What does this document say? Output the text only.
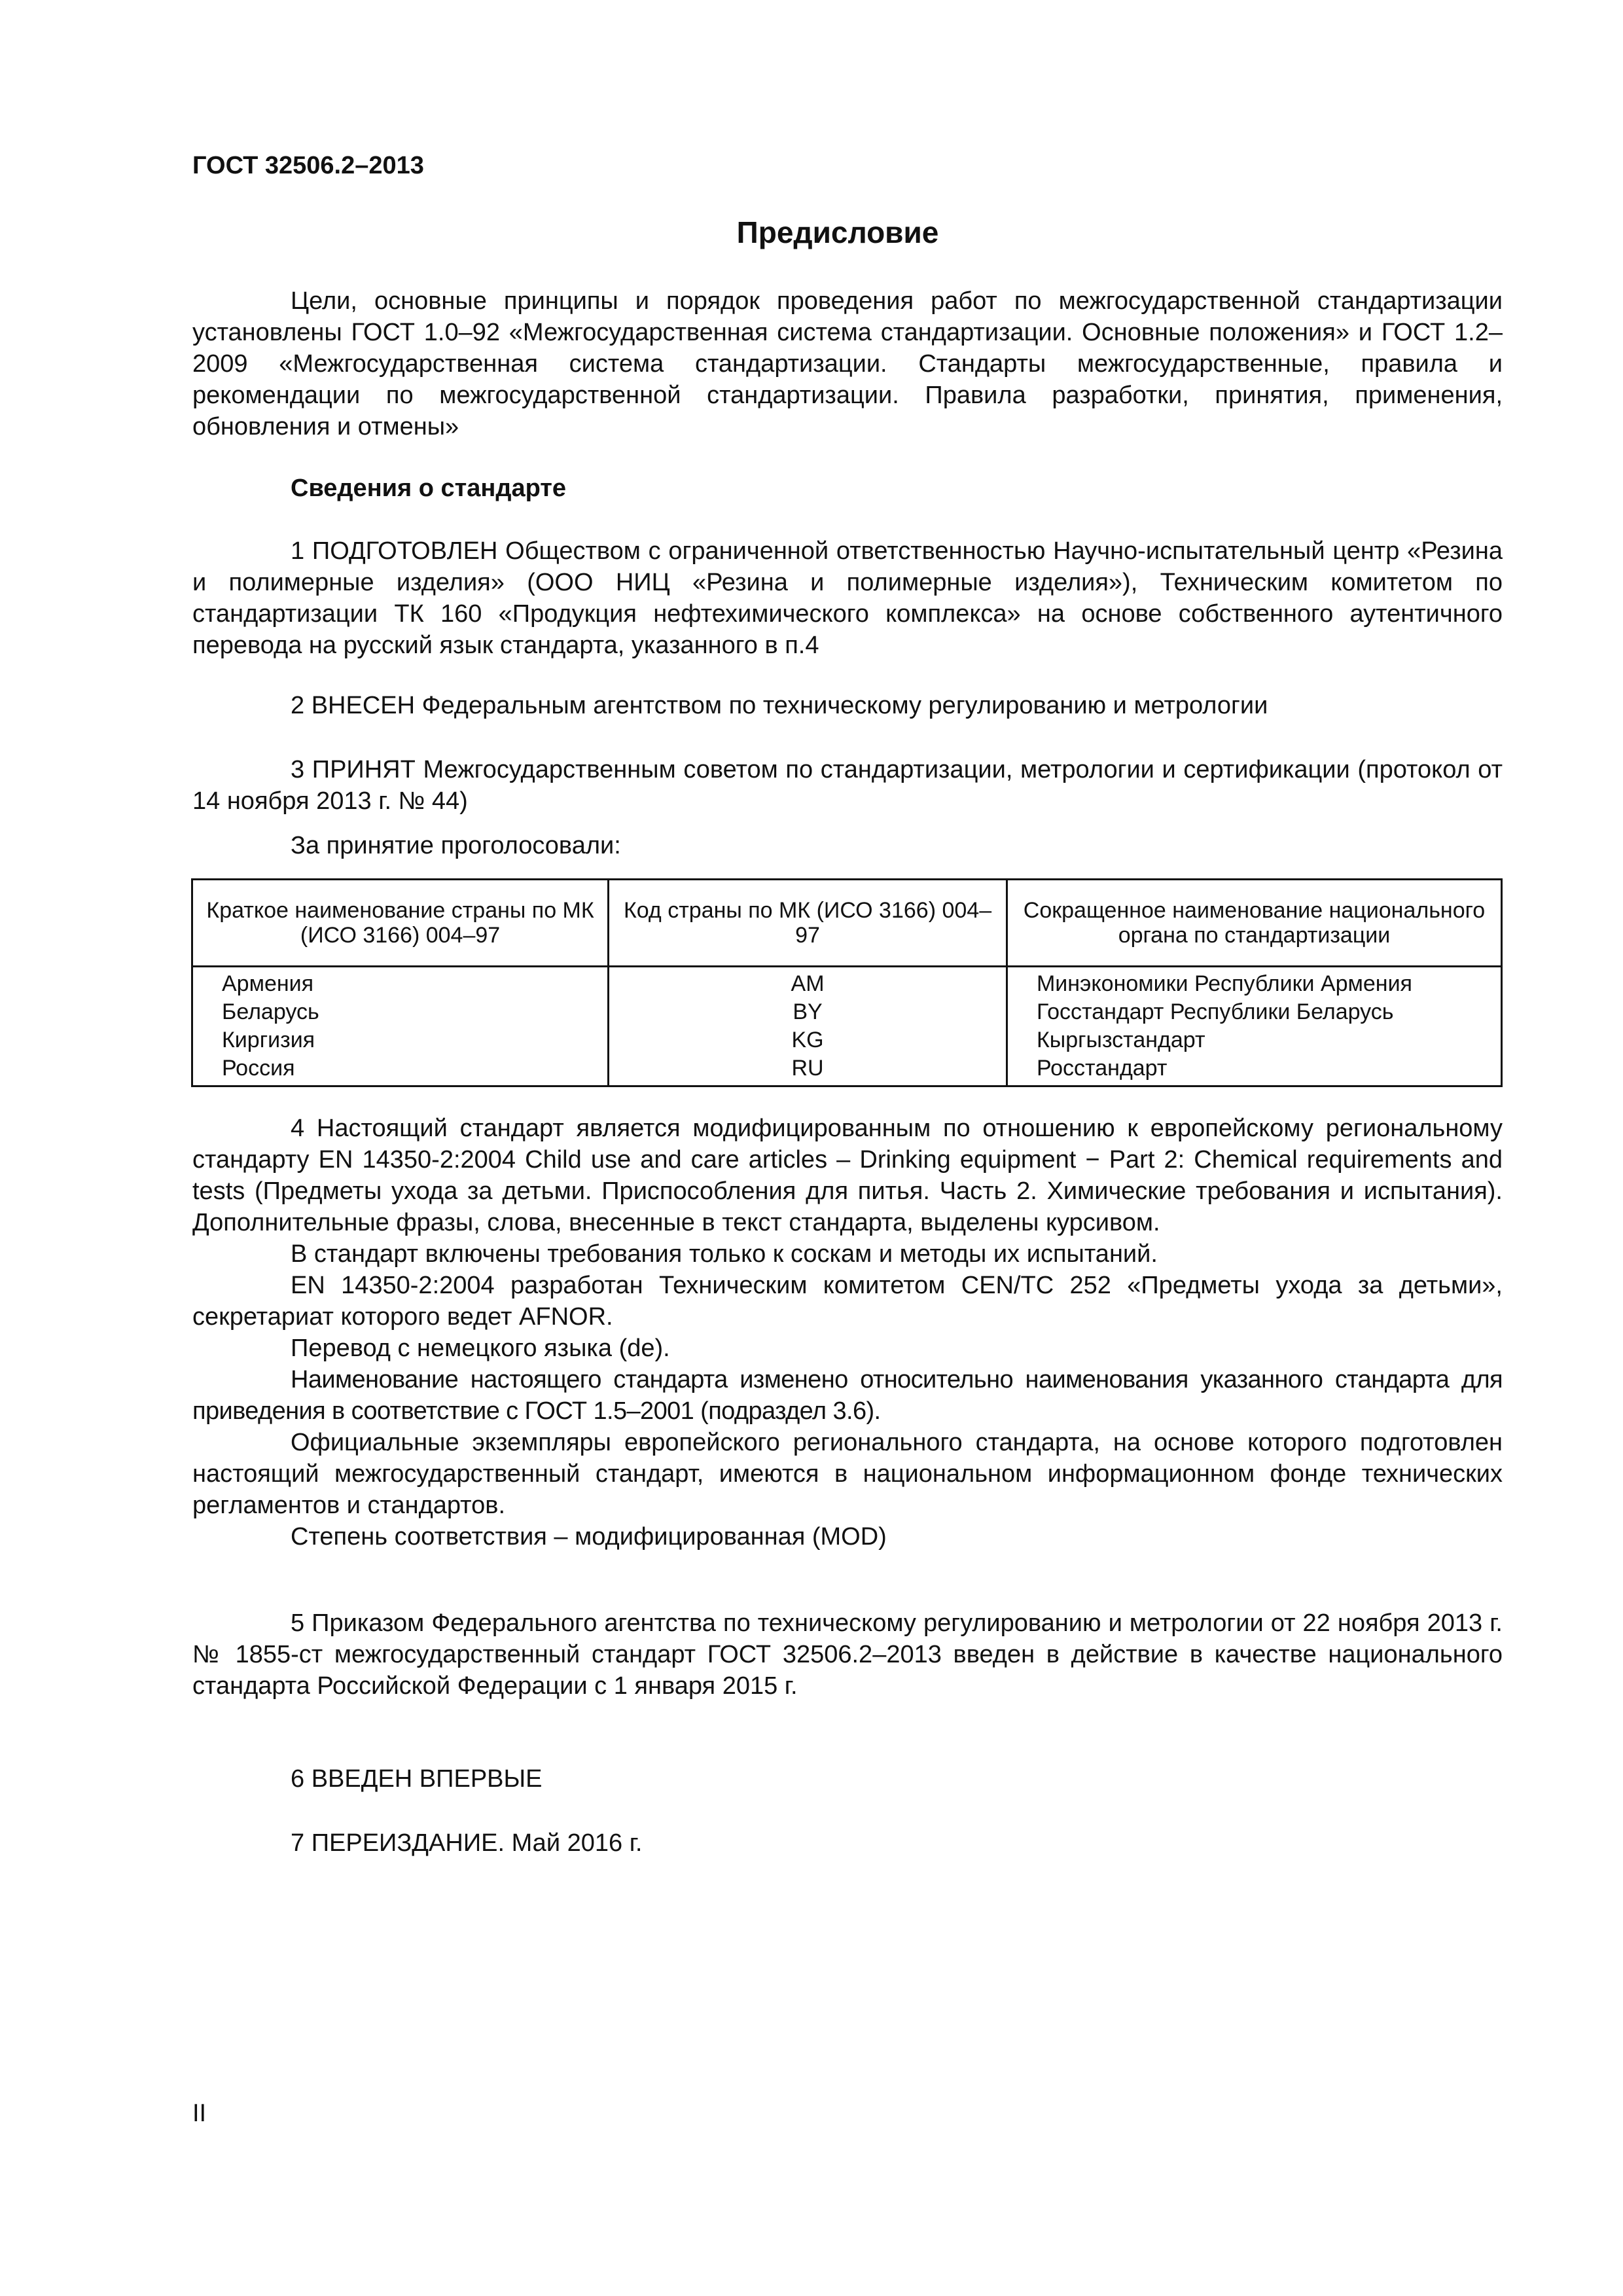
ГОСТ 32506.2–2013
Предисловие
Цели, основные принципы и порядок проведения работ по межгосударственной стандартизации установлены ГОСТ 1.0–92 «Межгосударственная система стандартизации. Основные положения» и ГОСТ 1.2–2009 «Межгосударственная система стандартизации. Стандарты межгосударственные, правила и рекомендации по межгосударственной стандартизации. Правила разработки, принятия, применения, обновления и отмены»
Сведения о стандарте
1 ПОДГОТОВЛЕН Обществом с ограниченной ответственностью Научно-испытательный центр «Резина и полимерные изделия» (ООО НИЦ «Резина и полимерные изделия»), Техническим комитетом по стандартизации ТК 160 «Продукция нефтехимического комплекса» на основе собственного аутентичного перевода на русский язык стандарта, указанного в п.4
2 ВНЕСЕН Федеральным агентством по техническому регулированию и метрологии
3 ПРИНЯТ Межгосударственным советом по стандартизации, метрологии и сертификации (протокол от 14 ноября 2013 г. № 44)
За принятие проголосовали:
Краткое наименование страны по МК (ИСО 3166) 004–97	Код страны по МК (ИСО 3166) 004–97	Сокращенное наименование национального органа по стандартизации
Армения	AM	Минэкономики Республики Армения
Беларусь	BY	Госстандарт Республики Беларусь
Киргизия	KG	Кыргызстандарт
Россия	RU	Росстандарт
4 Настоящий стандарт является модифицированным по отношению к европейскому региональному стандарту EN 14350-2:2004 Child use and care articles – Drinking equipment − Part 2: Chemical requirements and tests (Предметы ухода за детьми. Приспособления для питья. Часть 2. Химические требования и испытания). Дополнительные фразы, слова, внесенные в текст стандарта, выделены курсивом.
В стандарт включены требования только к соскам и методы их испытаний.
EN 14350-2:2004 разработан Техническим комитетом CEN/TC 252 «Предметы ухода за детьми», секретариат которого ведет AFNOR.
Перевод с немецкого языка (de).
Наименование настоящего стандарта изменено относительно наименования указанного стандарта для приведения в соответствие с ГОСТ 1.5–2001 (подраздел 3.6).
Официальные экземпляры европейского регионального стандарта, на основе которого подготовлен настоящий межгосударственный стандарт, имеются в национальном информационном фонде технических регламентов и стандартов.
Степень соответствия – модифицированная (MOD)
5 Приказом Федерального агентства по техническому регулированию и метрологии от 22 ноября 2013 г. № 1855-ст межгосударственный стандарт ГОСТ 32506.2–2013 введен в действие в качестве национального стандарта Российской Федерации с 1 января 2015 г.
6 ВВЕДЕН ВПЕРВЫЕ
7 ПЕРЕИЗДАНИЕ. Май 2016 г.
II
